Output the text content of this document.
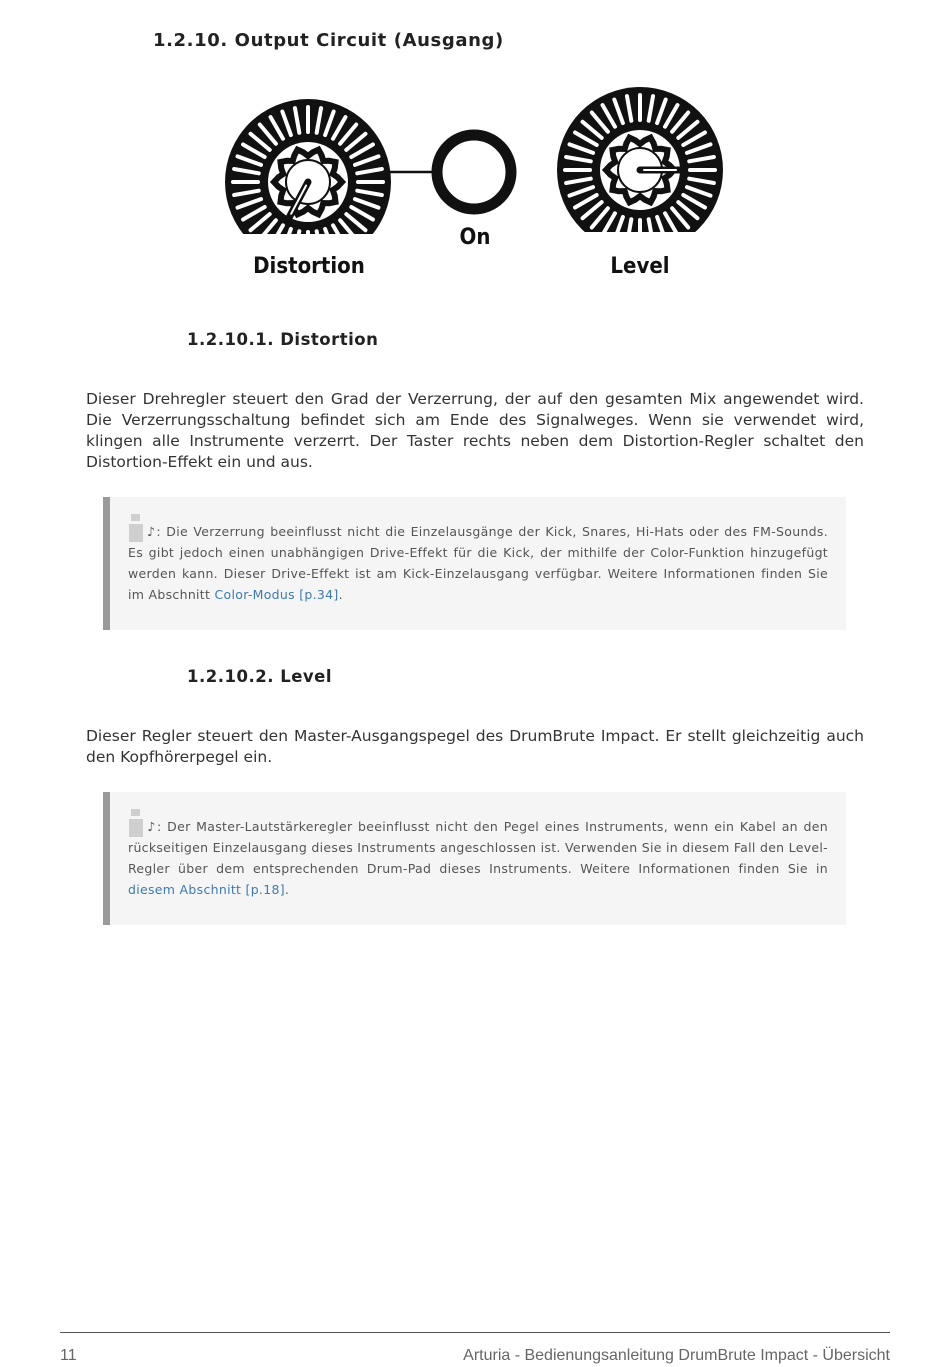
1.2.10. Output Circuit (Ausgang)
Distortion
On
Level
1.2.10.1. Distortion

Dieser Drehregler steuert den Grad der Verzerrung, der auf den gesamten Mix angewendet wird. Die Verzerrungsschaltung befindet sich am Ende des Signalweges. Wenn sie verwendet wird, klingen alle Instrumente verzerrt. Der Taster rechts neben dem Distortion-Regler schaltet den Distortion-Effekt ein und aus.

♪: Die Verzerrung beeinflusst nicht die Einzelausgänge der Kick, Snares, Hi-Hats oder des FM-Sounds. Es gibt jedoch einen unabhängigen Drive-Effekt für die Kick, der mithilfe der Color-Funktion hinzugefügt werden kann. Dieser Drive-Effekt ist am Kick-Einzelausgang verfügbar. Weitere Informationen finden Sie im Abschnitt Color-Modus [p.34].
1.2.10.2. Level

Dieser Regler steuert den Master-Ausgangspegel des DrumBrute Impact. Er stellt gleichzeitig auch den Kopfhörerpegel ein.

♪: Der Master-Lautstärkeregler beeinflusst nicht den Pegel eines Instruments, wenn ein Kabel an den rückseitigen Einzelausgang dieses Instruments angeschlossen ist. Verwenden Sie in diesem Fall den Level-Regler über dem entsprechenden Drum-Pad dieses Instruments. Weitere Informationen finden Sie in diesem Abschnitt [p.18].
11	Arturia - Bedienungsanleitung DrumBrute Impact - Übersicht
